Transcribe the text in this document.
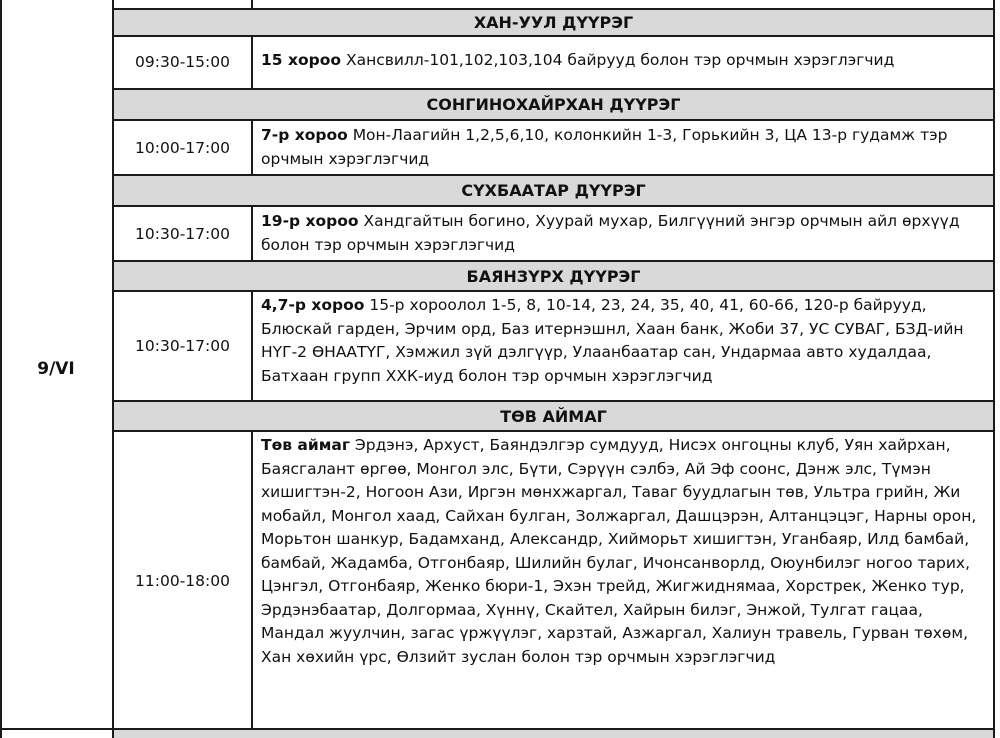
9/VI
ХАН-УУЛ ДҮҮРЭГ
09:30-15:00	15 хороо Хансвилл-101,102,103,104 байрууд болон тэр орчмын хэрэглэгчид
СОНГИНОХАЙРХАН ДҮҮРЭГ
10:00-17:00
7-р хороо Мон-Лаагийн 1,2,5,6,10, колонкийн 1-3, Горькийн 3, ЦА 13-р гудамж тэр орчмын хэрэглэгчид
СҮХБААТАР ДҮҮРЭГ
10:30-17:00
19-р хороо Хандгайтын богино, Хуурай мухар, Билгүүний энгэр орчмын айл өрхүүд болон тэр орчмын хэрэглэгчид
БАЯНЗҮРХ ДҮҮРЭГ
10:30-17:00
4,7-р хороо 15-р хороолол 1-5, 8, 10-14, 23, 24, 35, 40, 41, 60-66, 120-р байрууд, Блюскай гарден, Эрчим орд, Баз итернэшнл, Хаан банк, Жоби 37, УС СУВАГ, БЗД-ийн НҮГ-2 ӨНААТҮГ, Хэмжил зүй дэлгүүр, Улаанбаатар сан, Ундармаа авто худалдаа, Батхаан групп ХХК-иуд болон тэр орчмын хэрэглэгчид
ТӨВ АЙМАГ
11:00-18:00
Төв аймаг Эрдэнэ, Архуст, Баяндэлгэр сумдууд, Нисэх онгоцны клуб, Уян хайрхан, Баясгалант өргөө, Монгол элс, Бүти, Сэрүүн сэлбэ, Ай Эф соонс, Дэнж элс, Түмэн хишигтэн-2, Ногоон Ази, Иргэн мөнхжаргал, Таваг буудлагын төв, Ультра грийн, Жи мобайл, Монгол хаад, Сайхан булган, Золжаргал, Дашцэрэн, Алтанцэцэг, Нарны орон, Морьтон шанкур, Бадамханд, Александр, Хийморьт хишигтэн, Уганбаяр, Илд бамбай, бамбай, Жадамба, Отгонбаяр, Шилийн булаг, Ичонсанворлд, Оюунбилэг ногоо тарих, Цэнгэл, Отгонбаяр, Женко бюри-1, Эхэн трейд, Жигжиднямаа, Хорстрек, Женко тур, Эрдэнэбаатар, Долгормаа, Хүннү, Скайтел, Хайрын билэг, Энжой, Тулгат гацаа, Мандал жуулчин, загас үржүүлэг, харзтай, Азжаргал, Халиун травель, Гурван төхөм, Хан хөхийн үрс, Өлзийт зуслан болон тэр орчмын хэрэглэгчид
